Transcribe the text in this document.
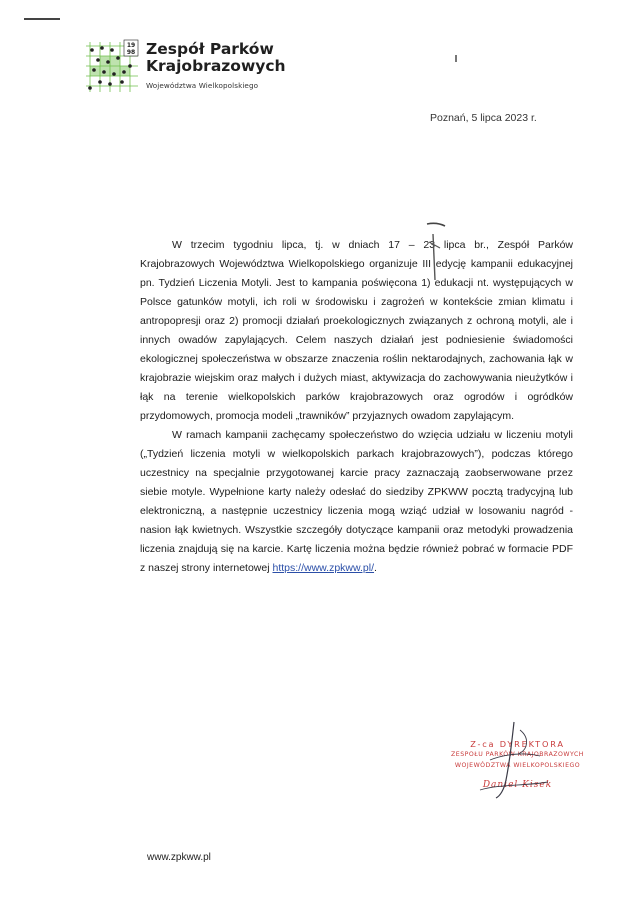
19
98 Zespół Parków
Krajobrazowych
Województwa Wielkopolskiego
Poznań, 5 lipca 2023 r.

W trzecim tygodniu lipca, tj. w dniach 17 – 23 lipca br., Zespół Parków Krajobrazowych Województwa Wielkopolskiego organizuje III edycję kampanii edukacyjnej pn. Tydzień Liczenia Motyli. Jest to kampania poświęcona 1) edukacji nt. występujących w Polsce gatunków motyli, ich roli w środowisku i zagrożeń w kontekście zmian klimatu i antropopresji oraz 2) promocji działań proekologicznych związanych z ochroną motyli, ale i innych owadów zapylających. Celem naszych działań jest podniesienie świadomości ekologicznej społeczeństwa w obszarze znaczenia roślin nektarodajnych, zachowania łąk w krajobrazie wiejskim oraz małych i dużych miast, aktywizacja do zachowywania nieużytków i łąk na terenie wielkopolskich parków krajobrazowych oraz ogrodów i ogródków przydomowych, promocja modeli „trawników” przyjaznych owadom zapylającym.

W ramach kampanii zachęcamy społeczeństwo do wzięcia udziału w liczeniu motyli („Tydzień liczenia motyli w wielkopolskich parkach krajobrazowych”), podczas którego uczestnicy na specjalnie przygotowanej karcie pracy zaznaczają zaobserwowane przez siebie motyle. Wypełnione karty należy odesłać do siedziby ZPKWW pocztą tradycyjną lub elektroniczną, a następnie uczestnicy liczenia mogą wziąć udział w losowaniu nagród - nasion łąk kwietnych. Wszystkie szczegóły dotyczące kampanii oraz metodyki prowadzenia liczenia znajdują się na karcie. Kartę liczenia można będzie również pobrać w formacie PDF z naszej strony internetowej https://www.zpkww.pl/.

Z-ca DYREKTORA
ZESPOŁU PARKÓW KRAJOBRAZOWYCH
WOJEWÓDZTWA WIELKOPOLSKIEGO
Daniel Kisek
www.zpkww.pl
